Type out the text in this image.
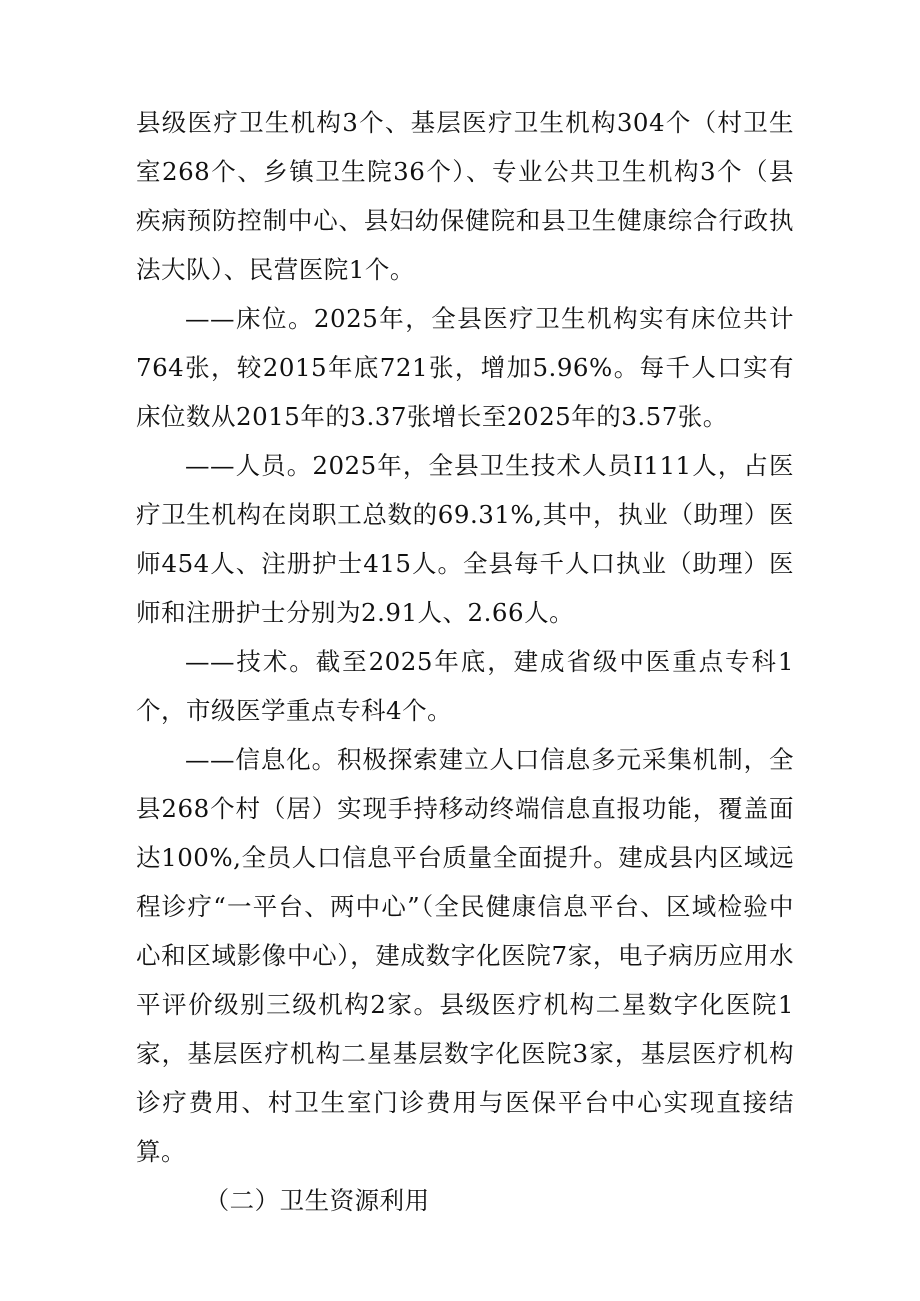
县级医疗卫生机构3个、基层医疗卫生机构304个（村卫生室268个、乡镇卫生院36个）、专业公共卫生机构3个（县疾病预防控制中心、县妇幼保健院和县卫生健康综合行政执法大队）、民营医院1个。

——床位。2025年，全县医疗卫生机构实有床位共计764张，较2015年底721张，增加5.96%。每千人口实有床位数从2015年的3.37张增长至2025年的3.57张。

——人员。2025年，全县卫生技术人员I111人，占医疗卫生机构在岗职工总数的69.31%,其中，执业（助理）医师454人、注册护士415人。全县每千人口执业（助理）医师和注册护士分别为2.91人、2.66人。

——技术。截至2025年底，建成省级中医重点专科1个，市级医学重点专科4个。

——信息化。积极探索建立人口信息多元采集机制，全县268个村（居）实现手持移动终端信息直报功能，覆盖面达100%,全员人口信息平台质量全面提升。建成县内区域远程诊疗“一平台、两中心”（全民健康信息平台、区域检验中心和区域影像中心），建成数字化医院7家，电子病历应用水平评价级别三级机构2家。县级医疗机构二星数字化医院1家，基层医疗机构二星基层数字化医院3家，基层医疗机构诊疗费用、村卫生室门诊费用与医保平台中心实现直接结算。

（二）卫生资源利用
